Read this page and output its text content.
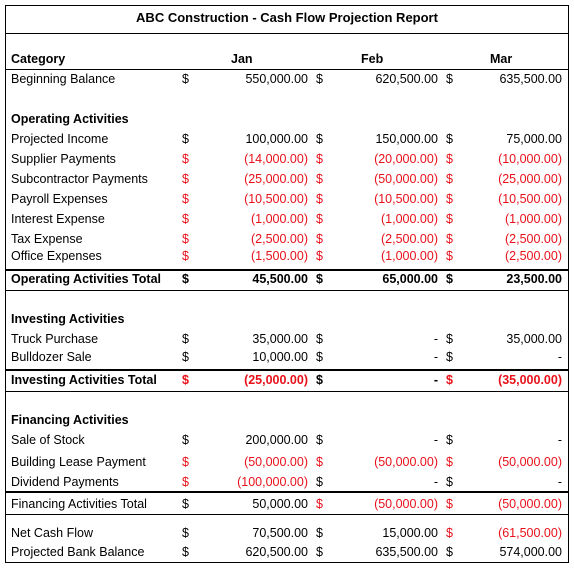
ABC Construction - Cash Flow Projection Report
Category	Jan	Feb	Mar
Beginning Balance	$	550,000.00 $	620,500.00 $	635,500.00
Operating Activities
Projected Income	$	100,000.00 $	150,000.00 $	75,000.00
Supplier Payments	$	(14,000.00) $	(20,000.00) $	(10,000.00)
Subcontractor Payments	$	(25,000.00) $	(50,000.00) $	(25,000.00)
Payroll Expenses	$	(10,500.00) $	(10,500.00) $	(10,500.00)
Interest Expense	$	(1,000.00) $	(1,000.00) $	(1,000.00)
Tax Expense	$	(2,500.00) $	(2,500.00) $	(2,500.00)
Office Expenses	$	(1,500.00) $	(1,000.00) $	(2,500.00)
Operating Activities Total $	45,500.00 $	65,000.00 $	23,500.00
Investing Activities
Truck Purchase	$	35,000.00 $	- $	35,000.00
Bulldozer Sale	$	10,000.00 $	- $	-
Investing Activities Total $	(25,000.00) $	- $	(35,000.00)
Financing Activities
Sale of Stock	$	200,000.00 $	- $	-
Building Lease Payment	$	(50,000.00) $	(50,000.00) $	(50,000.00)
Dividend Payments	$	(100,000.00) $	- $	-
Financing Activities Total	$	50,000.00 $	(50,000.00) $	(50,000.00)
Net Cash Flow	$	70,500.00 $	15,000.00 $	(61,500.00)
Projected Bank Balance	$	620,500.00 $	635,500.00 $	574,000.00
